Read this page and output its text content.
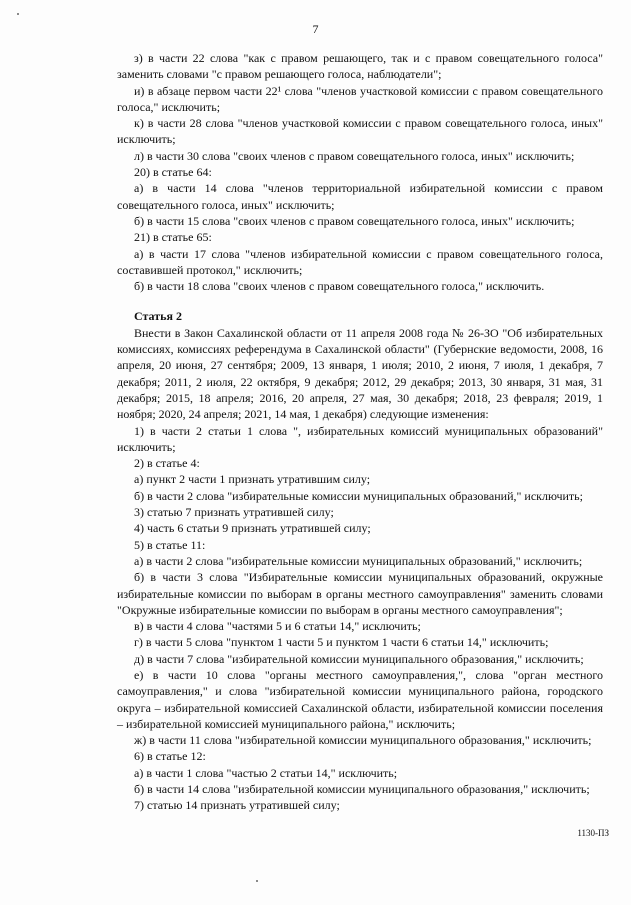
7

з) в части 22 слова "как с правом решающего, так и с правом совещательного голоса" заменить словами "с правом решающего голоса, наблюдатели";

и) в абзаце первом части 22¹ слова "членов участковой комиссии с правом совещательного голоса," исключить;

к) в части 28 слова "членов участковой комиссии с правом совещательного голоса, иных" исключить;

л) в части 30 слова "своих членов с правом совещательного голоса, иных" исключить;

20) в статье 64:

а) в части 14 слова "членов территориальной избирательной комиссии с правом совещательного голоса, иных" исключить;

б) в части 15 слова "своих членов с правом совещательного голоса, иных" исключить;

21) в статье 65:

а) в части 17 слова "членов избирательной комиссии с правом совещательного голоса, составившей протокол," исключить;

б) в части 18 слова "своих членов с правом совещательного голоса," исключить.

Статья 2

Внести в Закон Сахалинской области от 11 апреля 2008 года № 26-ЗО "Об избирательных комиссиях, комиссиях референдума в Сахалинской области" (Губернские ведомости, 2008, 16 апреля, 20 июня, 27 сентября; 2009, 13 января, 1 июля; 2010, 2 июня, 7 июля, 1 декабря, 7 декабря; 2011, 2 июля, 22 октября, 9 декабря; 2012, 29 декабря; 2013, 30 января, 31 мая, 31 декабря; 2015, 18 апреля; 2016, 20 апреля, 27 мая, 30 декабря; 2018, 23 февраля; 2019, 1 ноября; 2020, 24 апреля; 2021, 14 мая, 1 декабря) следующие изменения:

1) в части 2 статьи 1 слова ", избирательных комиссий муниципальных образований" исключить;

2) в статье 4:

а) пункт 2 части 1 признать утратившим силу;

б) в части 2 слова "избирательные комиссии муниципальных образований," исключить;

3) статью 7 признать утратившей силу;

4) часть 6 статьи 9 признать утратившей силу;

5) в статье 11:

а) в части 2 слова "избирательные комиссии муниципальных образований," исключить;

б) в части 3 слова "Избирательные комиссии муниципальных образований, окружные избирательные комиссии по выборам в органы местного самоуправления" заменить словами "Окружные избирательные комиссии по выборам в органы местного самоуправления";

в) в части 4 слова "частями 5 и 6 статьи 14," исключить;

г) в части 5 слова "пунктом 1 части 5 и пунктом 1 части 6 статьи 14," исключить;

д) в части 7 слова "избирательной комиссии муниципального образования," исключить;

е) в части 10 слова "органы местного самоуправления,", слова "орган местного самоуправления," и слова "избирательной комиссии муниципального района, городского округа – избирательной комиссией Сахалинской области, избирательной комиссии поселения – избирательной комиссией муниципального района," исключить;

ж) в части 11 слова "избирательной комиссии муниципального образования," исключить;

6) в статье 12:

а) в части 1 слова "частью 2 статьи 14," исключить;

б) в части 14 слова "избирательной комиссии муниципального образования," исключить;

7) статью 14 признать утратившей силу;

1130-ПЗ
